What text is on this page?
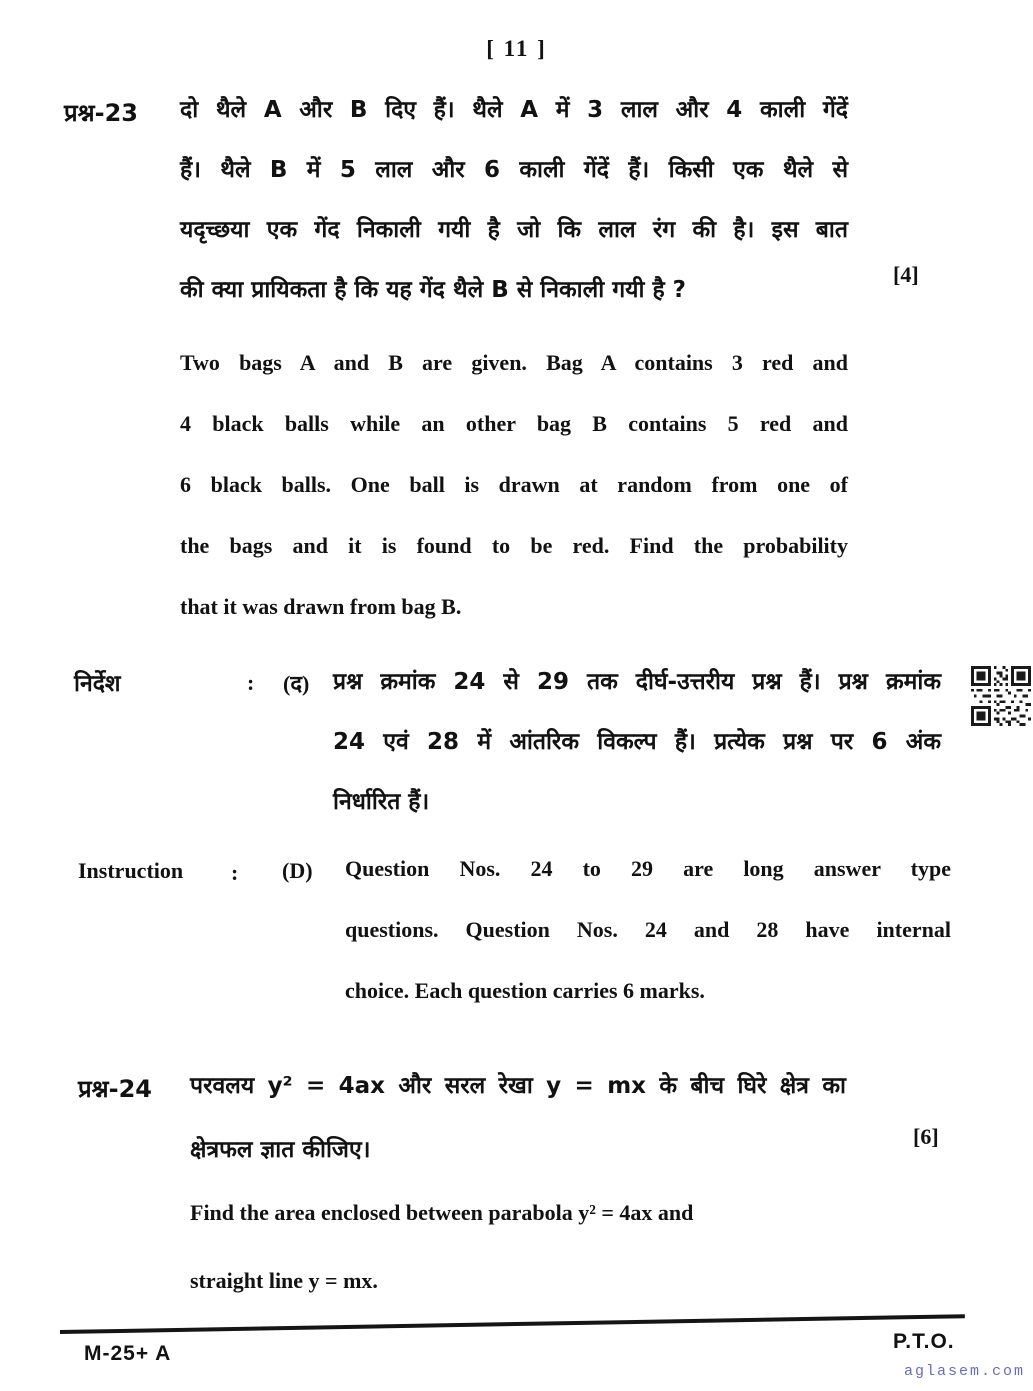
[ 11 ]
प्रश्न-23 दो थैले A और B दिए हैं। थैले A में 3 लाल और 4 काली गेंदें
हैं। थैले B में 5 लाल और 6 काली गेंदें हैं। किसी एक थैले से
यदृच्छया एक गेंद निकाली गयी है जो कि लाल रंग की है। इस बात
की क्या प्रायिकता है कि यह गेंद थैले B से निकाली गयी है ?
[4]
Two bags A and B are given. Bag A contains 3 red and
4 black balls while an other bag B contains 5 red and
6 black balls. One ball is drawn at random from one of
the bags and it is found to be red. Find the probability
that it was drawn from bag B.
निर्देश	: (द) प्रश्न क्रमांक 24 से 29 तक दीर्घ-उत्तरीय प्रश्न हैं। प्रश्न क्रमांक
24 एवं 28 में आंतरिक विकल्प हैं। प्रत्येक प्रश्न पर 6 अंक
निर्धारित हैं।
Instruction : (D) Question Nos. 24 to 29 are long answer type
questions. Question Nos. 24 and 28 have internal
choice. Each question carries 6 marks.
प्रश्न-24 परवलय y² = 4ax और सरल रेखा y = mx के बीच घिरे क्षेत्र का
क्षेत्रफल ज्ञात कीजिए।
[6]
Find the area enclosed between parabola y² = 4ax and
straight line y = mx.
M-25+ A
P.T.O.
aglasem.com
